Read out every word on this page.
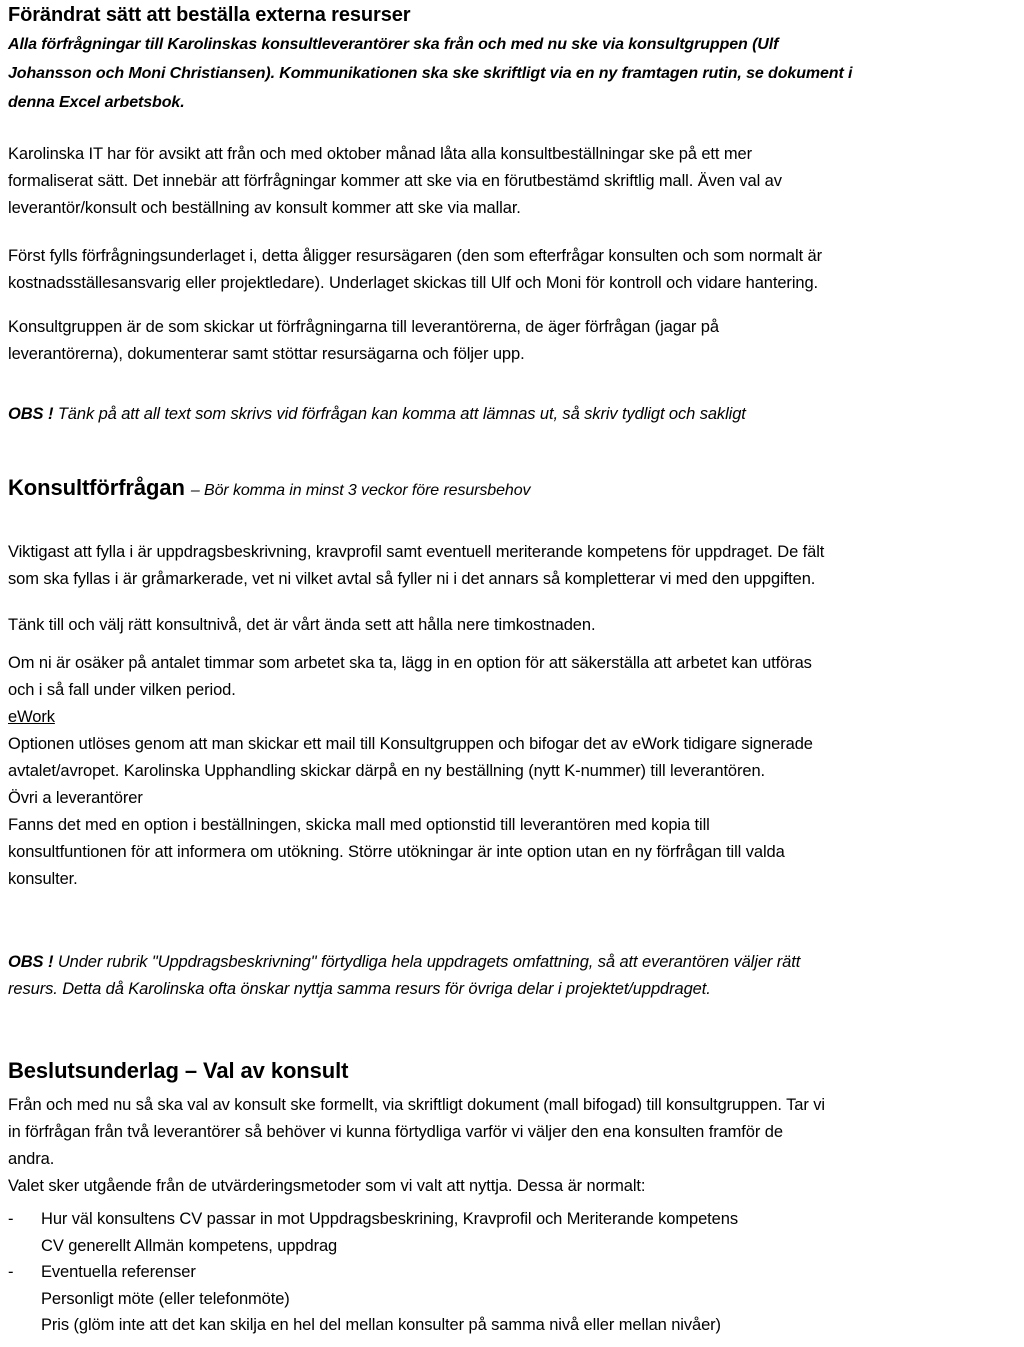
Förändrat sätt att beställa externa resurser

Alla förfrågningar till Karolinskas konsultleverantörer ska från och med nu ske via konsultgruppen (Ulf
Johansson och Moni Christiansen). Kommunikationen ska ske skriftligt via en ny framtagen rutin, se dokument i
denna Excel arbetsbok.

Karolinska IT har för avsikt att från och med oktober månad låta alla konsultbeställningar ske på ett mer
formaliserat sätt. Det innebär att förfrågningar kommer att ske via en förutbestämd skriftlig mall. Även val av
leverantör/konsult och beställning av konsult kommer att ske via mallar.

Först fylls förfrågningsunderlaget i, detta åligger resursägaren (den som efterfrågar konsulten och som normalt är
kostnadsställesansvarig eller projektledare). Underlaget skickas till Ulf och Moni för kontroll och vidare hantering.

Konsultgruppen är de som skickar ut förfrågningarna till leverantörerna, de äger förfrågan (jagar på
leverantörerna), dokumenterar samt stöttar resursägarna och följer upp.

OBS ! Tänk på att all text som skrivs vid förfrågan kan komma att lämnas ut, så skriv tydligt och sakligt

Konsultförfrågan – Bör komma in minst 3 veckor före resursbehov

Viktigast att fylla i är uppdragsbeskrivning, kravprofil samt eventuell meriterande kompetens för uppdraget. De fält
som ska fyllas i är gråmarkerade, vet ni vilket avtal så fyller ni i det annars så kompletterar vi med den uppgiften.

Tänk till och välj rätt konsultnivå, det är vårt ända sett att hålla nere timkostnaden.

Om ni är osäker på antalet timmar som arbetet ska ta, lägg in en option för att säkerställa att arbetet kan utföras
och i så fall under vilken period.
eWork
Optionen utlöses genom att man skickar ett mail till Konsultgruppen och bifogar det av eWork tidigare signerade
avtalet/avropet. Karolinska Upphandling skickar därpå en ny beställning (nytt K-nummer) till leverantören.
Övri a leverantörer
Fanns det med en option i beställningen, skicka mall med optionstid till leverantören med kopia till
konsultfuntionen för att informera om utökning. Större utökningar är inte option utan en ny förfrågan till valda
konsulter.

OBS ! Under rubrik "Uppdragsbeskrivning" förtydliga hela uppdragets omfattning, så att everantören väljer rätt
resurs. Detta då Karolinska ofta önskar nyttja samma resurs för övriga delar i projektet/uppdraget.

Beslutsunderlag – Val av konsult

Från och med nu så ska val av konsult ske formellt, via skriftligt dokument (mall bifogad) till konsultgruppen. Tar vi
in förfrågan från två leverantörer så behöver vi kunna förtydliga varför vi väljer den ena konsulten framför de
andra.
Valet sker utgående från de utvärderingsmetoder som vi valt att nyttja. Dessa är normalt:

- Hur väl konsultens CV passar in mot Uppdragsbeskrining, Kravprofil och Meriterande kompetens
CV generellt Allmän kompetens, uppdrag
- Eventuella referenser
Personligt möte (eller telefonmöte)
Pris (glöm inte att det kan skilja en hel del mellan konsulter på samma nivå eller mellan nivåer)
